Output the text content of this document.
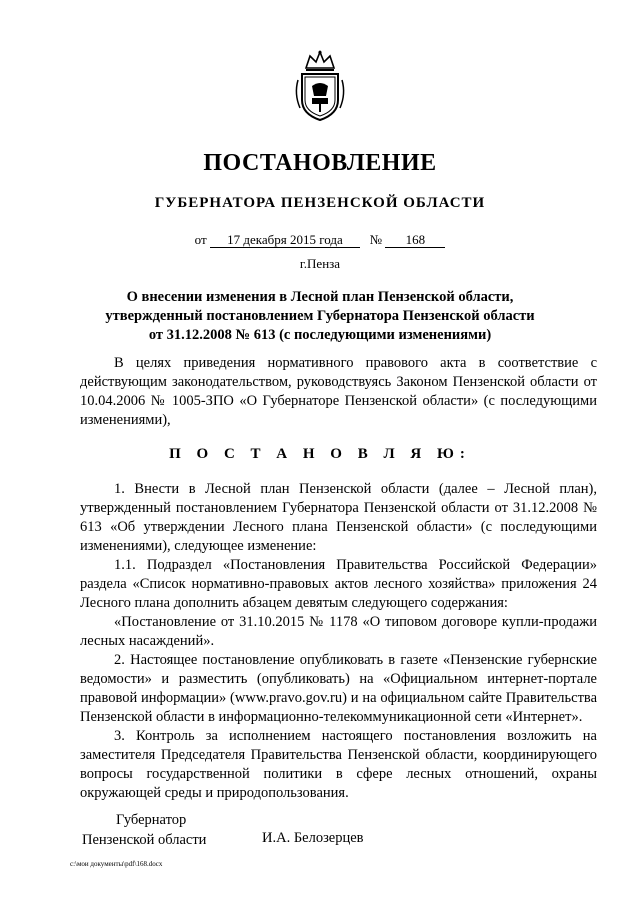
ПОСТАНОВЛЕНИЕ
ГУБЕРНАТОРА ПЕНЗЕНСКОЙ ОБЛАСТИ
от 17 декабря 2015 года № 168
г.Пенза
О внесении изменения в Лесной план Пензенской области,
утвержденный постановлением Губернатора Пензенской области
от 31.12.2008 № 613 (с последующими изменениями)
В целях приведения нормативного правового акта в соответствие с действующим законодательством, руководствуясь Законом Пензенской области от 10.04.2006 № 1005-ЗПО «О Губернаторе Пензенской области» (с последующими изменениями),
П О С Т А Н О В Л Я Ю:

1. Внести в Лесной план Пензенской области (далее – Лесной план), утвержденный постановлением Губернатора Пензенской области от 31.12.2008 № 613 «Об утверждении Лесного плана Пензенской области» (с последующими изменениями), следующее изменение:

1.1. Подраздел «Постановления Правительства Российской Федерации» раздела «Список нормативно-правовых актов лесного хозяйства» приложения 24 Лесного плана дополнить абзацем девятым следующего содержания:

«Постановление от 31.10.2015 № 1178 «О типовом договоре купли-продажи лесных насаждений».

2. Настоящее постановление опубликовать в газете «Пензенские губернские ведомости» и разместить (опубликовать) на «Официальном интернет-портале правовой информации» (www.pravo.gov.ru) и на официальном сайте Правительства Пензенской области в информационно-телекоммуникационной сети «Интернет».

3. Контроль за исполнением настоящего постановления возложить на заместителя Председателя Правительства Пензенской области, координирующего вопросы государственной политики в сфере лесных отношений, охраны окружающей среды и природопользования.

Губернатор
Пензенской области	И.А. Белозерцев
c:\мои документы\pdf\168.docx
